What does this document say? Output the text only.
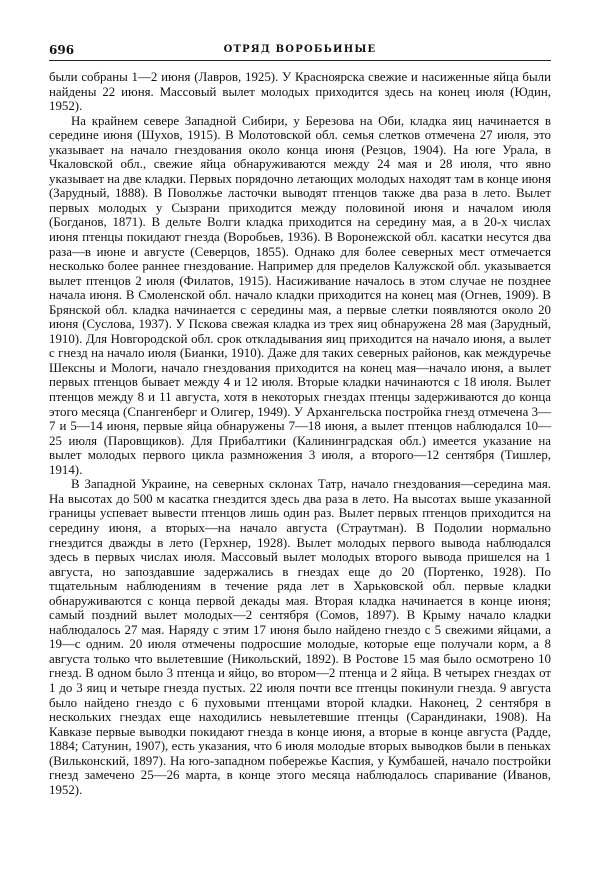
696	ОТРЯД ВОРОБЬИНЫЕ

были собраны 1—2 июня (Лавров, 1925). У Красноярска свежие и насиженные яйца были найдены 22 июня. Массовый вылет молодых приходится здесь на конец июля (Юдин, 1952).

На крайнем севере Западной Сибири, у Березова на Оби, кладка яиц начинается в середине июня (Шухов, 1915). В Молотовской обл. семья слетков отмечена 27 июля, это указывает на начало гнездования около конца июня (Резцов, 1904). На юге Урала, в Чкаловской обл., свежие яйца обнаруживаются между 24 мая и 28 июля, что явно указывает на две кладки. Первых порядочно летающих молодых находят там в конце июня (Зарудный, 1888). В Поволжье ласточки выводят птенцов также два раза в лето. Вылет первых молодых у Сызрани приходится между половиной июня и началом июля (Богданов, 1871). В дельте Волги кладка приходится на середину мая, а в 20-х числах июня птенцы покидают гнезда (Воробьев, 1936). В Воронежской обл. касатки несутся два раза—в июне и августе (Северцов, 1855). Однако для более северных мест отмечается несколько более раннее гнездование. Например для пределов Калужской обл. указывается вылет птенцов 2 июля (Филатов, 1915). Насиживание началось в этом случае не позднее начала июня. В Смоленской обл. начало кладки приходится на конец мая (Огнев, 1909). В Брянской обл. кладка начинается с середины мая, а первые слетки появляются около 20 июня (Суслова, 1937). У Пскова свежая кладка из трех яиц обнаружена 28 мая (Зарудный, 1910). Для Новгородской обл. срок откладывания яиц приходится на начало июня, а вылет с гнезд на начало июля (Бианки, 1910). Даже для таких северных районов, как междуречье Шексны и Мологи, начало гнездования приходится на конец мая—начало июня, а вылет первых птенцов бывает между 4 и 12 июля. Вторые кладки начинаются с 18 июля. Вылет птенцов между 8 и 11 августа, хотя в некоторых гнездах птенцы задерживаются до конца этого месяца (Спангенберг и Олигер, 1949). У Архангельска постройка гнезд отмечена 3—7 и 5—14 июня, первые яйца обнаружены 7—18 июня, а вылет птенцов наблюдался 10—25 июля (Паровщиков). Для Прибалтики (Калининградская обл.) имеется указание на вылет молодых первого цикла размножения 3 июля, а второго—12 сентября (Тишлер, 1914).

В Западной Украине, на северных склонах Татр, начало гнездования—середина мая. На высотах до 500 м касатка гнездится здесь два раза в лето. На высотах выше указанной границы успевает вывести птенцов лишь один раз. Вылет первых птенцов приходится на середину июня, а вторых—на начало августа (Страутман). В Подолии нормально гнездится дважды в лето (Герхнер, 1928). Вылет молодых первого вывода наблюдался здесь в первых числах июля. Массовый вылет молодых второго вывода пришелся на 1 августа, но запоздавшие задержались в гнездах еще до 20 (Портенко, 1928). По тщательным наблюдениям в течение ряда лет в Харьковской обл. первые кладки обнаруживаются с конца первой декады мая. Вторая кладка начинается в конце июня; самый поздний вылет молодых—2 сентября (Сомов, 1897). В Крыму начало кладки наблюдалось 27 мая. Наряду с этим 17 июня было найдено гнездо с 5 свежими яйцами, а 19—с одним. 20 июля отмечены подросшие молодые, которые еще получали корм, а 8 августа только что вылетевшие (Никольский, 1892). В Ростове 15 мая было осмотрено 10 гнезд. В одном было 3 птенца и яйцо, во втором—2 птенца и 2 яйца. В четырех гнездах от 1 до 3 яиц и четыре гнезда пустых. 22 июля почти все птенцы покинули гнезда. 9 августа было найдено гнездо с 6 пуховыми птенцами второй кладки. Наконец, 2 сентября в нескольких гнездах еще находились невылетевшие птенцы (Сарандинаки, 1908). На Кавказе первые выводки покидают гнезда в конце июня, а вторые в конце августа (Радде, 1884; Сатунин, 1907), есть указания, что 6 июля молодые вторых выводков были в пеньках (Вильконский, 1897). На юго-западном побережье Каспия, у Кумбашей, начало постройки гнезд замечено 25—26 марта, в конце этого месяца наблюдалось спаривание (Иванов, 1952).
